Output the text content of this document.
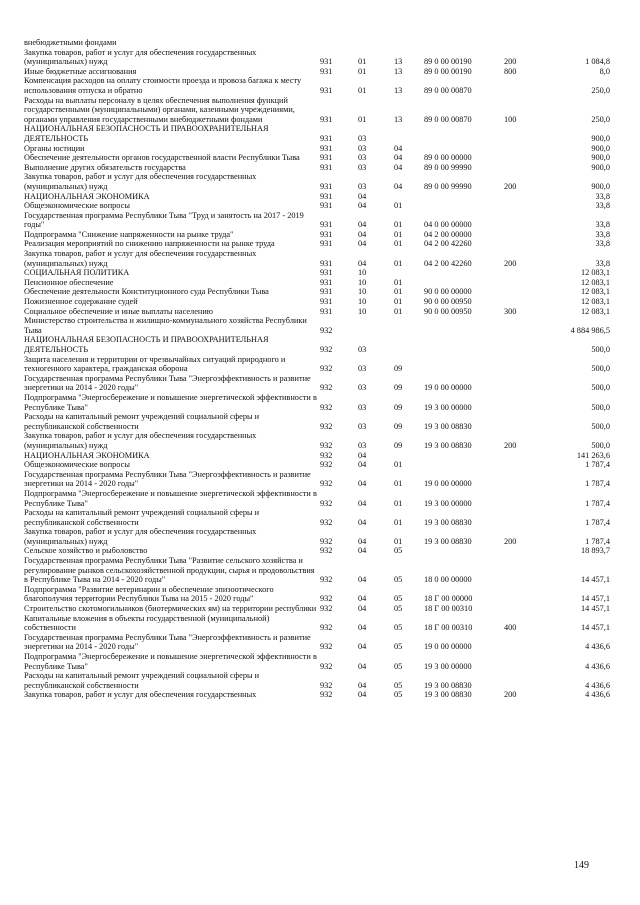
внебюджетными фондами						
Закупка товаров, работ и услуг для обеспечения государственных (муниципальных) нужд	931	01	13	89 0 00 00190	200	1 084,8
Иные бюджетные ассигнования	931	01	13	89 0 00 00190	800	8,0
Компенсация расходов на оплату стоимости проезда и провоза багажа к месту использования отпуска и обратно	931	01	13	89 0 00 00870		250,0
Расходы на выплаты персоналу в целях обеспечения выполнения функций государственными (муниципальными) органами, казенными учреждениями, органами управления государственными внебюджетными фондами	931	01	13	89 0 00 00870	100	250,0
НАЦИОНАЛЬНАЯ БЕЗОПАСНОСТЬ И ПРАВООХРАНИТЕЛЬНАЯ ДЕЯТЕЛЬНОСТЬ	931	03				900,0
Органы юстиции	931	03	04			900,0
Обеспечение деятельности органов государственной власти Республики Тыва	931	03	04	89 0 00 00000		900,0
Выполнение других обязательств государства	931	03	04	89 0 00 99990		900,0
Закупка товаров, работ и услуг для обеспечения государственных (муниципальных) нужд	931	03	04	89 0 00 99990	200	900,0
НАЦИОНАЛЬНАЯ ЭКОНОМИКА	931	04				33,8
Общеэкономические вопросы	931	04	01			33,8
Государственная программа Республики Тыва "Труд и занятость на 2017 - 2019 годы"	931	04	01	04 0 00 00000		33,8
Подпрограмма "Снижение напряженности на рынке труда"	931	04	01	04 2 00 00000		33,8
Реализация мероприятий по снижению напряженности на рынке труда	931	04	01	04 2 00 42260		33,8
Закупка товаров, работ и услуг для обеспечения государственных (муниципальных) нужд	931	04	01	04 2 00 42260	200	33,8
СОЦИАЛЬНАЯ ПОЛИТИКА	931	10				12 083,1
Пенсионное обеспечение	931	10	01			12 083,1
Обеспечение деятельности Конституционного суда Республики Тыва	931	10	01	90 0 00 00000		12 083,1
Пожизненное содержание судей	931	10	01	90 0 00 00950		12 083,1
Социальное обеспечение и иные выплаты населению	931	10	01	90 0 00 00950	300	12 083,1
Министерство строительства и жилищно-коммунального хозяйства Республики Тыва	932					4 884 986,5
НАЦИОНАЛЬНАЯ БЕЗОПАСНОСТЬ И ПРАВООХРАНИТЕЛЬНАЯ ДЕЯТЕЛЬНОСТЬ	932	03				500,0
Защита населения и территории от чрезвычайных ситуаций природного и техногенного характера, гражданская оборона	932	03	09			500,0
Государственная программа Республики Тыва "Энергоэффективность и развитие энергетики на 2014 - 2020 годы"	932	03	09	19 0 00 00000		500,0
Подпрограмма "Энергосбережение и повышение энергетической эффективности в Республике Тыва"	932	03	09	19 3 00 00000		500,0
Расходы на капитальный ремонт учреждений социальной сферы и республиканской собственности	932	03	09	19 3 00 08830		500,0
Закупка товаров, работ и услуг для обеспечения государственных (муниципальных) нужд	932	03	09	19 3 00 08830	200	500,0
НАЦИОНАЛЬНАЯ ЭКОНОМИКА	932	04				141 263,6
Общеэкономические вопросы	932	04	01			1 787,4
Государственная программа Республики Тыва "Энергоэффективность и развитие энергетики на 2014 - 2020 годы"	932	04	01	19 0 00 00000		1 787,4
Подпрограмма "Энергосбережение и повышение энергетической эффективности в Республике Тыва"	932	04	01	19 3 00 00000		1 787,4
Расходы на капитальный ремонт учреждений социальной сферы и республиканской собственности	932	04	01	19 3 00 08830		1 787,4
Закупка товаров, работ и услуг для обеспечения государственных (муниципальных) нужд	932	04	01	19 3 00 08830	200	1 787,4
Сельское хозяйство и рыболовство	932	04	05			18 893,7
Государственная программа Республики Тыва "Развитие сельского хозяйства и регулирование рынков сельскохозяйственной продукции, сырья и продовольствия в Республике Тыва на 2014 - 2020 годы"	932	04	05	18 0 00 00000		14 457,1
Подпрограмма "Развитие ветеринарии и обеспечение эпизоотического благополучия территории Республики Тыва на 2015 - 2020 годы"	932	04	05	18 Г 00 00000		14 457,1
Строительство скотомогильников (биотермических ям) на территории республики	932	04	05	18 Г 00 00310		14 457,1
Капитальные вложения в объекты государственной (муниципальной) собственности	932	04	05	18 Г 00 00310	400	14 457,1
Государственная программа Республики Тыва "Энергоэффективность и развитие энергетики на 2014 - 2020 годы"	932	04	05	19 0 00 00000		4 436,6
Подпрограмма "Энергосбережение и повышение энергетической эффективности в Республике Тыва"	932	04	05	19 3 00 00000		4 436,6
Расходы на капитальный ремонт учреждений социальной сферы и республиканской собственности	932	04	05	19 3 00 08830		4 436,6
Закупка товаров, работ и услуг для обеспечения государственных	932	04	05	19 3 00 08830	200	4 436,6
149
